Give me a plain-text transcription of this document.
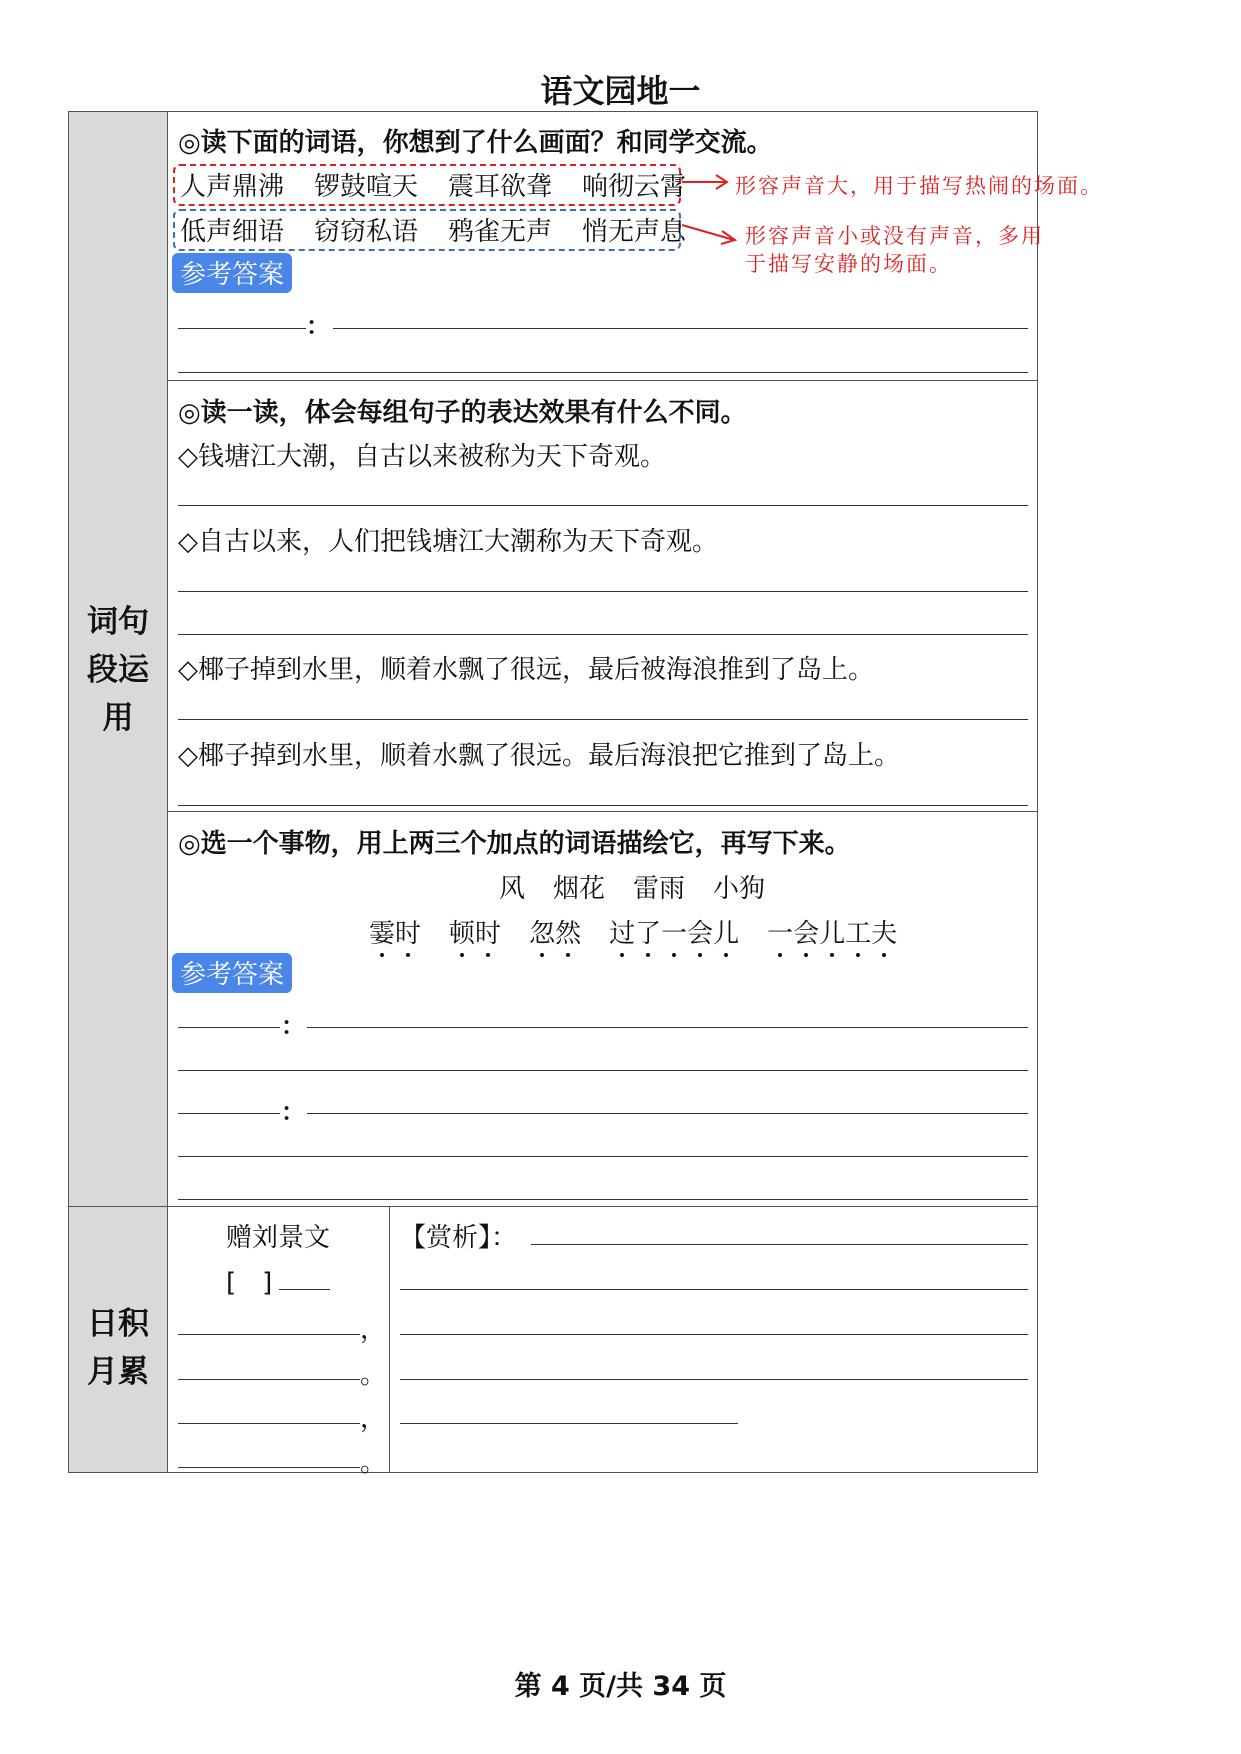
语文园地一
词句段运用
日积月累
◎读下面的词语，你想到了什么画面？和同学交流。
人声鼎沸 锣鼓喧天 震耳欲聋 响彻云霄 形容声音大，用于描写热闹的场面。
低声细语 窃窃私语 鸦雀无声 悄无声息	形容声音小或没有声音，多用
于描写安静的场面。
参考答案
：
◎读一读，体会每组句子的表达效果有什么不同。
◇钱塘江大潮，自古以来被称为天下奇观。
◇自古以来，人们把钱塘江大潮称为天下奇观。
◇椰子掉到水里，顺着水飘了很远，最后被海浪推到了岛上。
◇椰子掉到水里，顺着水飘了很远。最后海浪把它推到了岛上。
◎选一个事物，用上两三个加点的词语描绘它，再写下来。
风 烟花 雷雨 小狗
霎时 顿时 忽然 过了一会儿 一会儿工夫
参考答案
：
：
赠刘景文
[　]
，
。
，
。
【赏析】：
第 4 页/共 34 页
